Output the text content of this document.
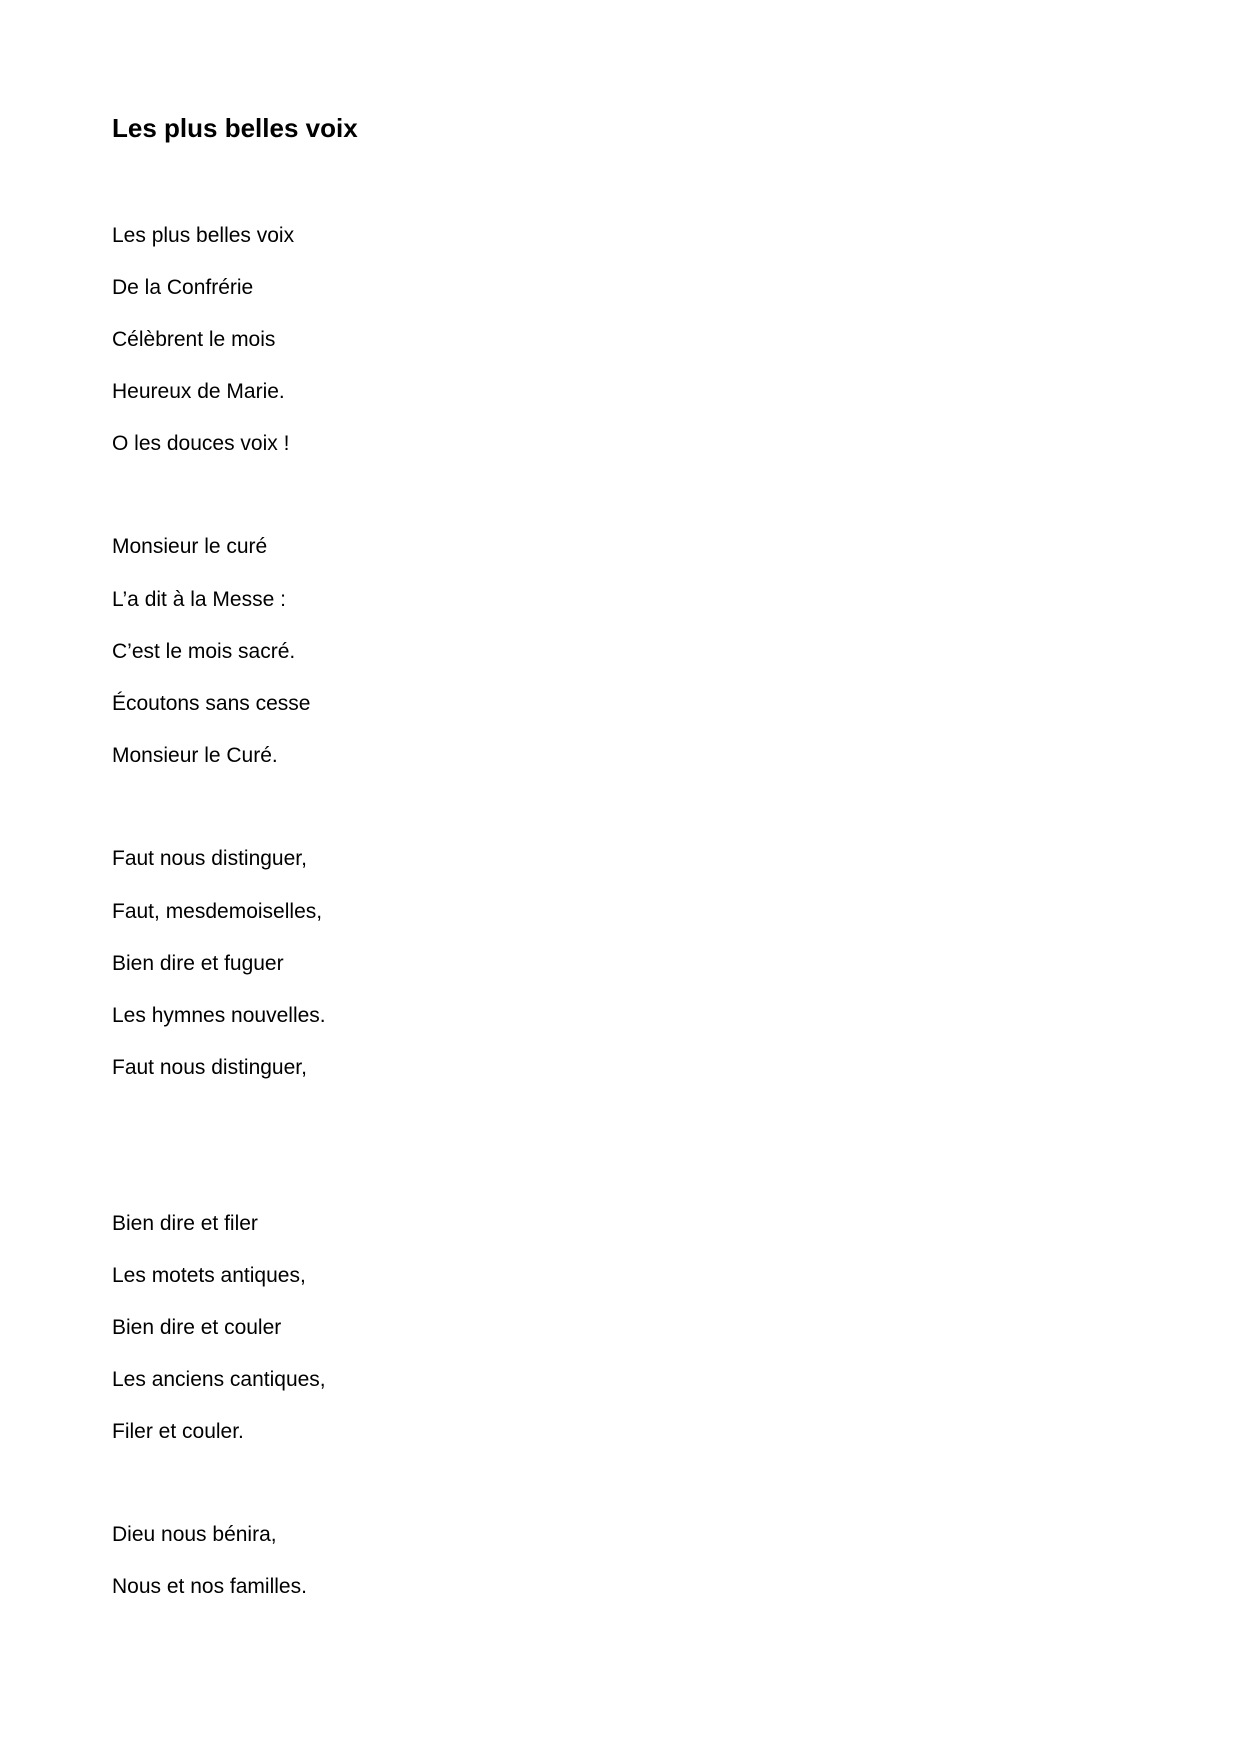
Les plus belles voix

Les plus belles voix

De la Confrérie

Célèbrent le mois

Heureux de Marie.

O les douces voix !

Monsieur le curé

L’a dit à la Messe :

C’est le mois sacré.

Écoutons sans cesse

Monsieur le Curé.

Faut nous distinguer,

Faut, mesdemoiselles,

Bien dire et fuguer

Les hymnes nouvelles.

Faut nous distinguer,

Bien dire et filer

Les motets antiques,

Bien dire et couler

Les anciens cantiques,

Filer et couler.

Dieu nous bénira,

Nous et nos familles.
